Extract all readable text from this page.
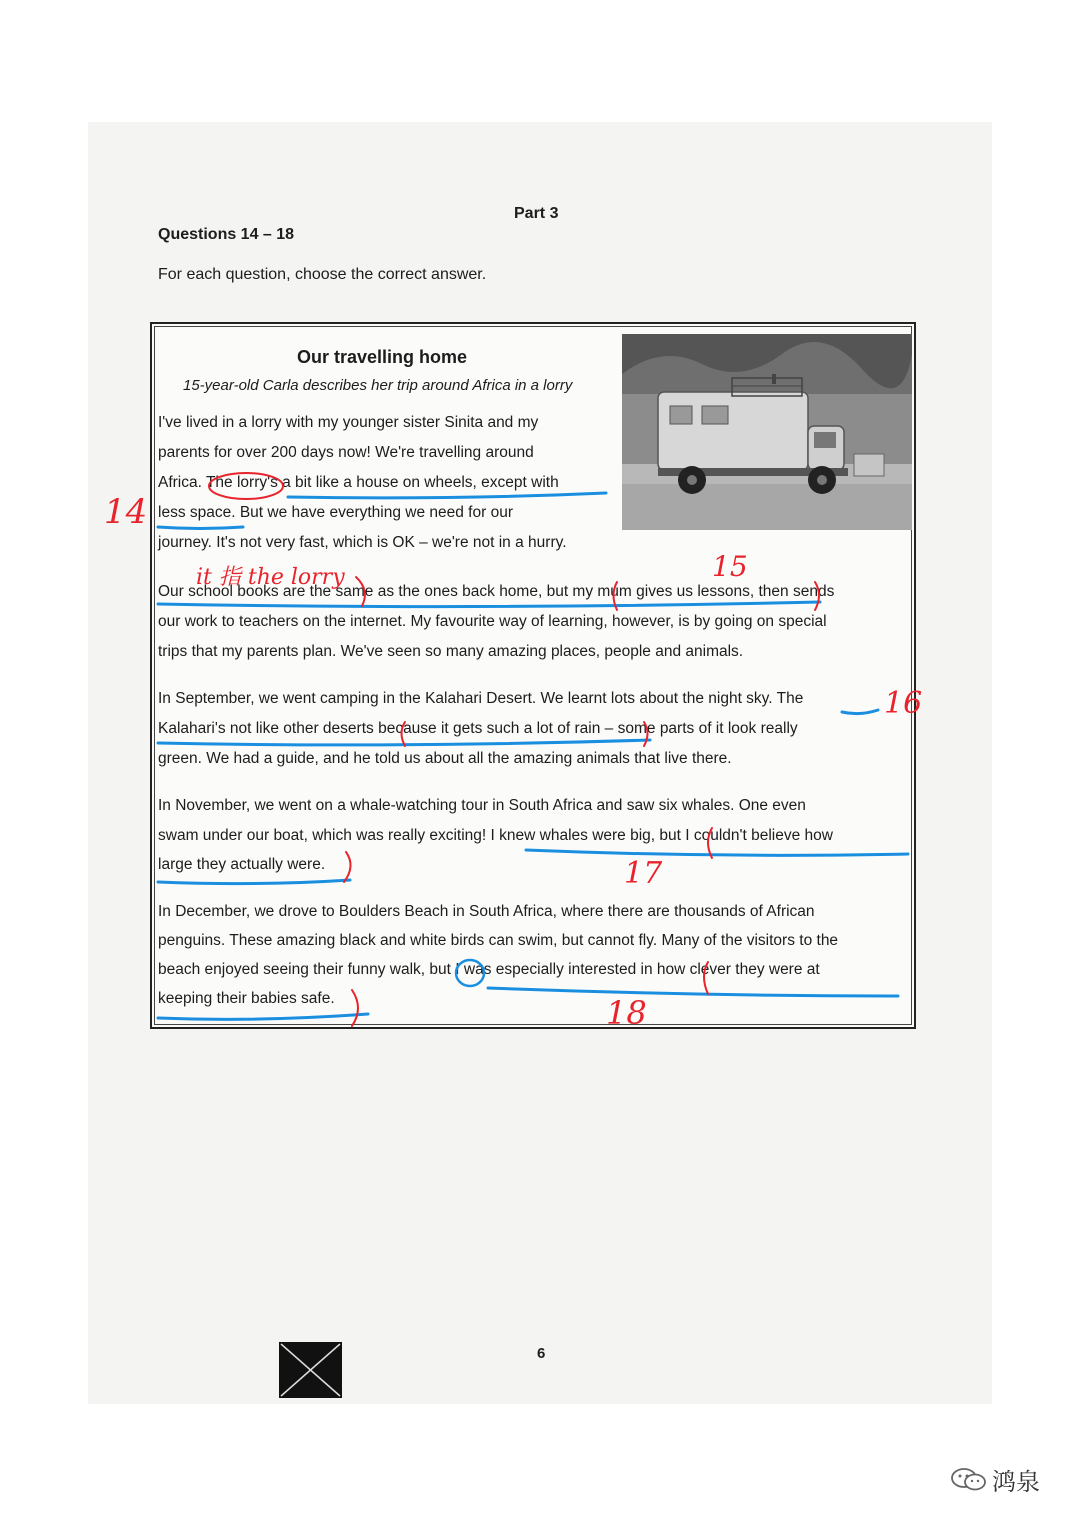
Part 3
Questions 14 – 18
For each question, choose the correct answer.
Our travelling home
15-year-old Carla describes her trip around Africa in a lorry
I've lived in a lorry with my younger sister Sinita and my
parents for over 200 days now! We're travelling around
Africa. The lorry's a bit like a house on wheels, except with
less space. But we have everything we need for our
journey. It's not very fast, which is OK – we're not in a hurry.
Our school books are the same as the ones back home, but my mum gives us lessons, then sends
our work to teachers on the internet. My favourite way of learning, however, is by going on special
trips that my parents plan. We've seen so many amazing places, people and animals.
In September, we went camping in the Kalahari Desert. We learnt lots about the night sky. The
Kalahari's not like other deserts because it gets such a lot of rain – some parts of it look really
green. We had a guide, and he told us about all the amazing animals that live there.
In November, we went on a whale-watching tour in South Africa and saw six whales. One even
swam under our boat, which was really exciting! I knew whales were big, but I couldn't believe how
large they actually were.
In December, we drove to Boulders Beach in South Africa, where there are thousands of African
penguins. These amazing black and white birds can swim, but cannot fly. Many of the visitors to the
beach enjoyed seeing their funny walk, but I was especially interested in how clever they were at
keeping their babies safe.
14
15
16
17
18
it 指 the lorry
6
鸿泉
